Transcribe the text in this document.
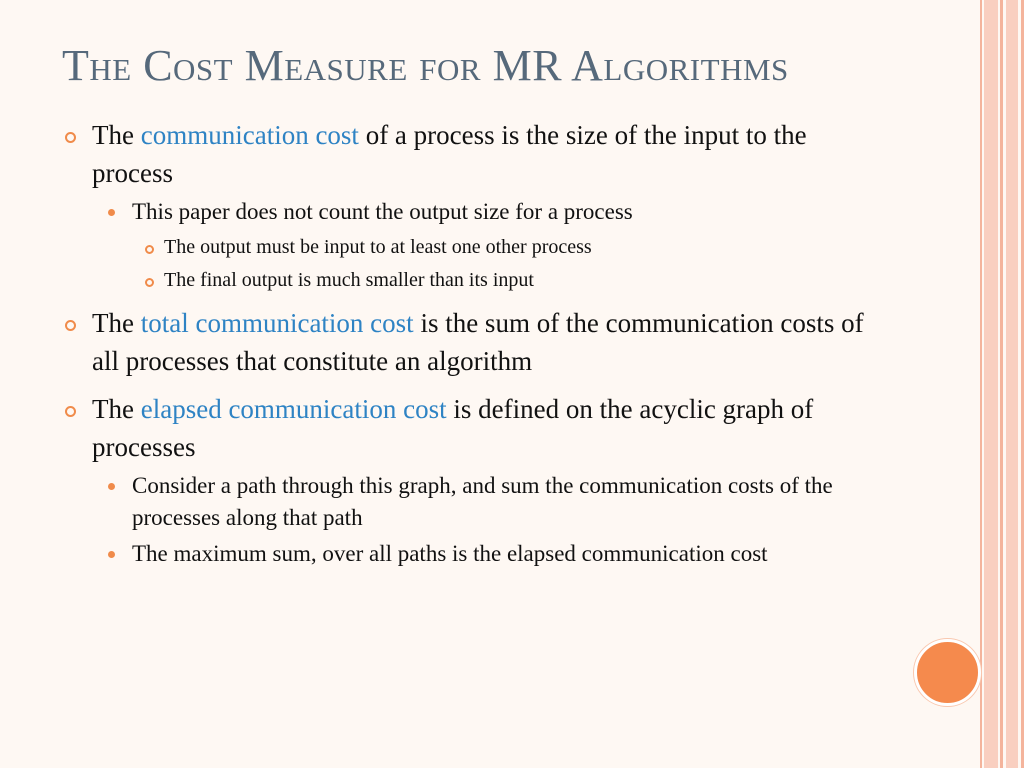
The Cost Measure for MR Algorithms
The communication cost of a process is the size of the input to the process
This paper does not count the output size for a process
The output must be input to at least one other process
The final output is much smaller than its input
The total communication cost is the sum of the communication costs of all processes that constitute an algorithm
The elapsed communication cost is defined on the acyclic graph of processes
Consider a path through this graph, and sum the communication costs of the processes along that path
The maximum sum, over all paths is the elapsed communication cost
